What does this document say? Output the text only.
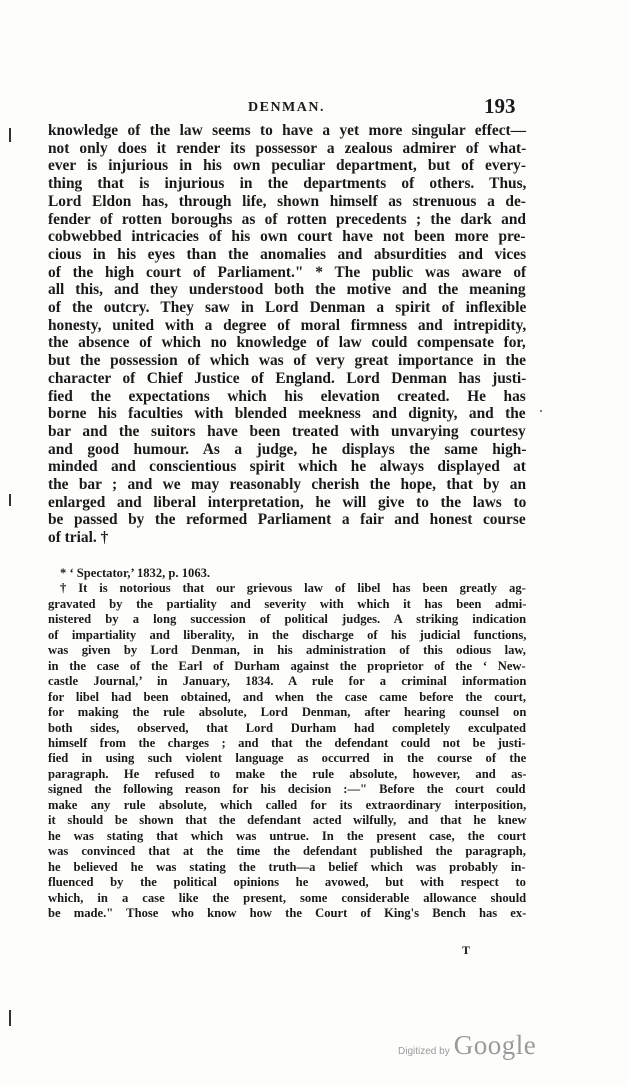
DENMAN.	193
knowledge of the law seems to have a yet more singular effect—
not only does it render its possessor a zealous admirer of what-
ever is injurious in his own peculiar department, but of every-
thing that is injurious in the departments of others. Thus,
Lord Eldon has, through life, shown himself as strenuous a de-
fender of rotten boroughs as of rotten precedents ; the dark and
cobwebbed intricacies of his own court have not been more pre-
cious in his eyes than the anomalies and absurdities and vices
of the high court of Parliament." * The public was aware of
all this, and they understood both the motive and the meaning
of the outcry. They saw in Lord Denman a spirit of inflexible
honesty, united with a degree of moral firmness and intrepidity,
the absence of which no knowledge of law could compensate for,
but the possession of which was of very great importance in the
character of Chief Justice of England. Lord Denman has justi-
fied the expectations which his elevation created. He has
borne his faculties with blended meekness and dignity, and the
bar and the suitors have been treated with unvarying courtesy
and good humour. As a judge, he displays the same high-
minded and conscientious spirit which he always displayed at
the bar ; and we may reasonably cherish the hope, that by an
enlarged and liberal interpretation, he will give to the laws to
be passed by the reformed Parliament a fair and honest course
of trial. †
* ‘ Spectator,’ 1832, p. 1063.
† It is notorious that our grievous law of libel has been greatly ag-
gravated by the partiality and severity with which it has been admi-
nistered by a long succession of political judges. A striking indication
of impartiality and liberality, in the discharge of his judicial functions,
was given by Lord Denman, in his administration of this odious law,
in the case of the Earl of Durham against the proprietor of the ‘ New-
castle Journal,’ in January, 1834. A rule for a criminal information
for libel had been obtained, and when the case came before the court,
for making the rule absolute, Lord Denman, after hearing counsel on
both sides, observed, that Lord Durham had completely exculpated
himself from the charges ; and that the defendant could not be justi-
fied in using such violent language as occurred in the course of the
paragraph. He refused to make the rule absolute, however, and as-
signed the following reason for his decision :—" Before the court could
make any rule absolute, which called for its extraordinary interposition,
it should be shown that the defendant acted wilfully, and that he knew
he was stating that which was untrue. In the present case, the court
was convinced that at the time the defendant published the paragraph,
he believed he was stating the truth—a belief which was probably in-
fluenced by the political opinions he avowed, but with respect to
which, in a case like the present, some considerable allowance should
be made." Those who know how the Court of King's Bench has ex-
T
Digitized by Google
